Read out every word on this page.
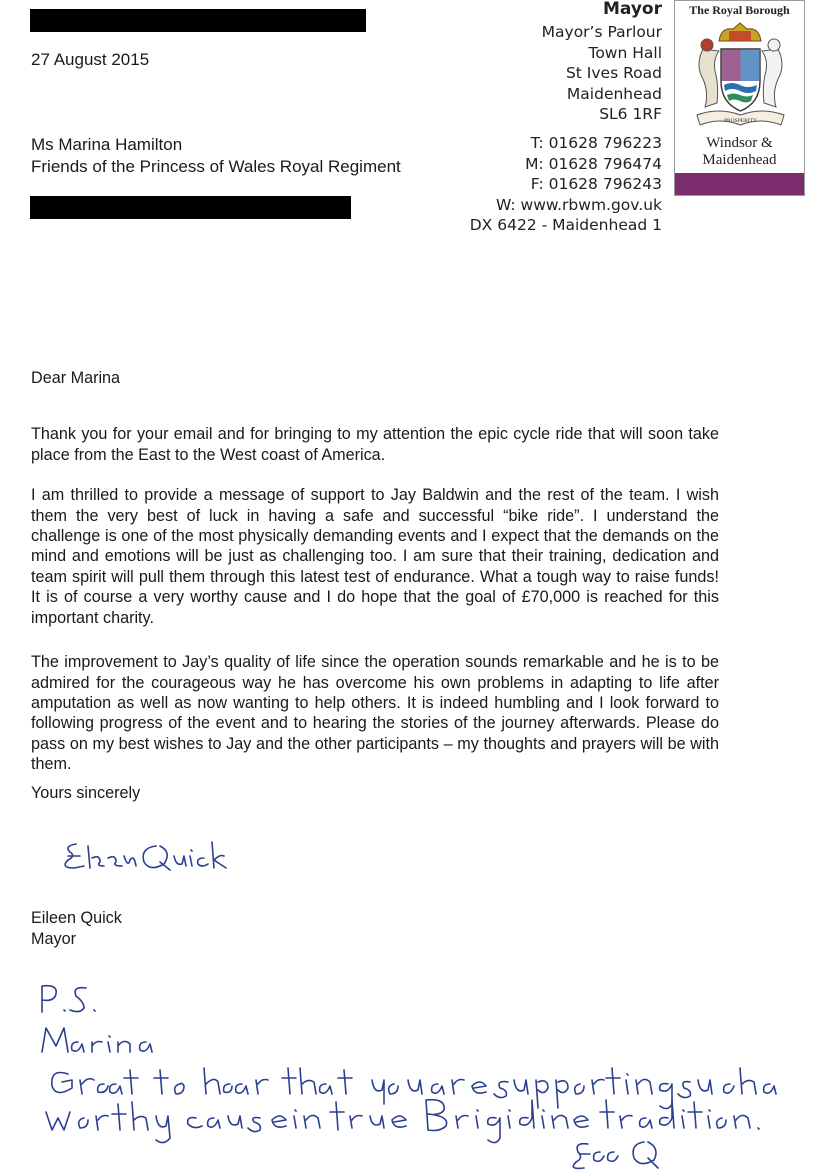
27 August 2015
Ms Marina Hamilton
Friends of the Princess of Wales Royal Regiment
Mayor
Mayor’s Parlour
Town Hall
St Ives Road
Maidenhead
SL6 1RF
T: 01628 796223
M: 01628 796474
F: 01628 796243
W: www.rbwm.gov.uk
DX 6422 - Maidenhead 1
The Royal Borough
PROSPERITY
Windsor &
Maidenhead
Dear Marina

Thank you for your email and for bringing to my attention the epic cycle ride that will soon take place from the East to the West coast of America.

I am thrilled to provide a message of support to Jay Baldwin and the rest of the team. I wish them the very best of luck in having a safe and successful “bike ride”. I understand the challenge is one of the most physically demanding events and I expect that the demands on the mind and emotions will be just as challenging too. I am sure that their training, dedication and team spirit will pull them through this latest test of endurance. What a tough way to raise funds! It is of course a very worthy cause and I do hope that the goal of £70,000 is reached for this important charity.

The improvement to Jay’s quality of life since the operation sounds remarkable and he is to be admired for the courageous way he has overcome his own problems in adapting to life after amputation as well as now wanting to help others. It is indeed humbling and I look forward to following progress of the event and to hearing the stories of the journey afterwards. Please do pass on my best wishes to Jay and the other participants – my thoughts and prayers will be with them.

Yours sincerely
Eileen Quick
Mayor
